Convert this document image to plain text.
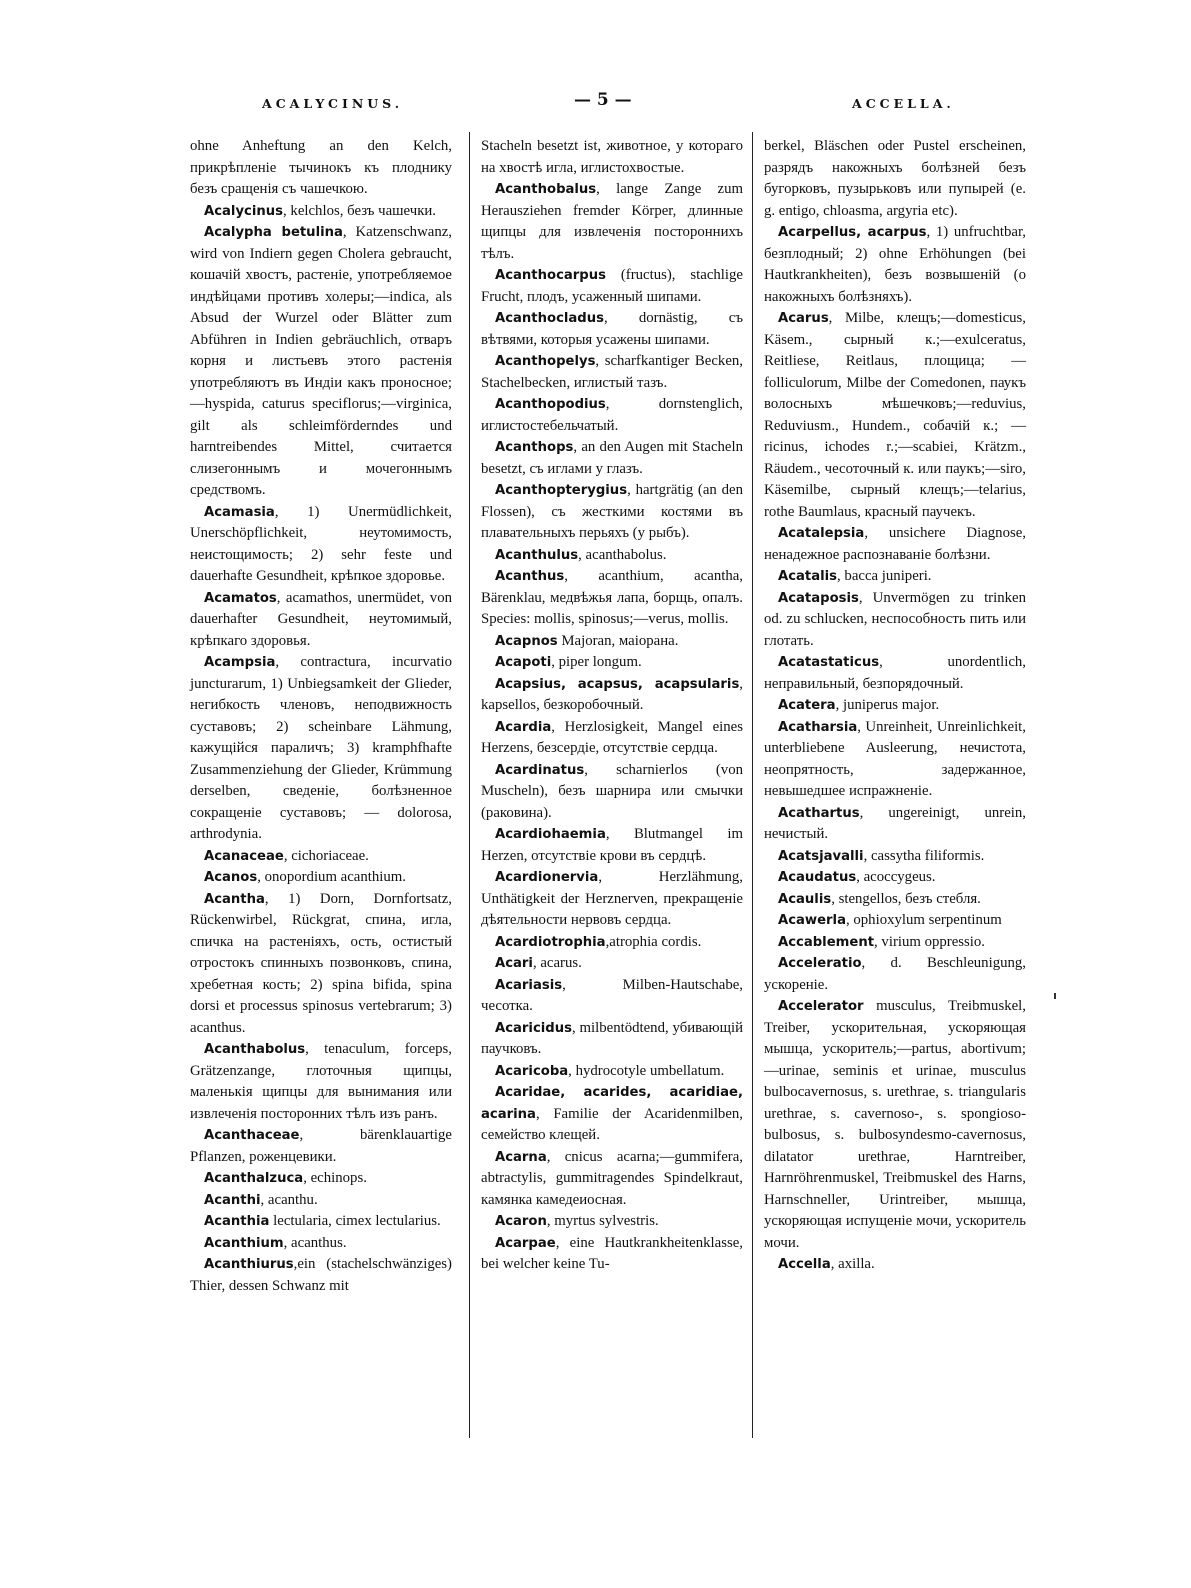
ACALYCINUS.	— 5 —	ACCELLA.

ohne Anheftung an den Kelch, прикрѣпленіе тычинокъ къ плоднику безъ сращенія съ чашечкою.

Acalycinus, kelchlos, безъ чашечки.

Acalypha betulina, Katzenschwanz, wird von Indiern gegen Cholera gebraucht, кошачій хвостъ, растеніе, употребляемое индѣйцами противъ холеры;—indica, als Absud der Wurzel oder Blätter zum Abführen in Indien gebräuchlich, отваръ корня и листьевъ этого растенія употребляютъ въ Индіи какъ проносное;—hyspida, caturus speciflorus;—virginica, gilt als schleimförderndes und harntreibendes Mittel, считается слизегоннымъ и мочегоннымъ средствомъ.

Acamasia, 1) Unermüdlichkeit, Unerschöpflichkeit, неутомимость, неистощимость; 2) sehr feste und dauerhafte Gesundheit, крѣпкое здоровье.

Acamatos, acamathos, unermüdet, von dauerhafter Gesundheit, неутомимый, крѣпкаго здоровья.

Acampsia, contractura, incurvatio juncturarum, 1) Unbiegsamkeit der Glieder, негибкость членовъ, неподвижность суставовъ; 2) scheinbare Lähmung, кажущійся параличъ; 3) kramphfhafte Zusammenziehung der Glieder, Krümmung derselben, сведеніе, болѣзненное сокращеніе суставовъ; — dolorosa, arthrodynia.

Acanaceae, cichoriaceae.

Acanos, onopordium acanthium.

Acantha, 1) Dorn, Dornfortsatz, Rückenwirbel, Rückgrat, спина, игла, спичка на растеніяхъ, ость, остистый отростокъ спинныхъ позвонковъ, спина, хребетная кость; 2) spina bifida, spina dorsi et processus spinosus vertebrarum; 3) acanthus.

Acanthabolus, tenaculum, forceps, Grätzenzange, глоточныя щипцы, маленькія щипцы для вынимания или извлеченія посторонних тѣлъ изъ ранъ.

Acanthaceae, bärenklauartige Pflanzen, роженцевики.

Acanthalzuca, echinops.

Acanthi, acanthu.

Acanthia lectularia, cimex lectularius.

Acanthium, acanthus.

Acanthiurus,ein (stachelschwänziges) Thier, dessen Schwanz mit

Stacheln besetzt ist, животное, у котораго на хвостѣ игла, иглистохвостые.

Acanthobalus, lange Zange zum Herausziehen fremder Körper, длинные щипцы для извлеченія постороннихъ тѣлъ.

Acanthocarpus (fructus), stachlige Frucht, плодъ, усаженный шипами.

Acanthocladus, dornästig, съ вѣтвями, которыя усажены шипами.

Acanthopelys, scharfkantiger Becken, Stachelbecken, иглистый тазъ.

Acanthopodius, dornstenglich, иглистостебельчатый.

Acanthops, an den Augen mit Stacheln besetzt, съ иглами у глазъ.

Acanthopterygius, hartgrätig (an den Flossen), съ жесткими костями въ плавательныхъ перьяхъ (у рыбъ).

Acanthulus, acanthabolus.

Acanthus, acanthium, acantha, Bärenklau, медвѣжья лапа, борщь, опалъ. Species: mollis, spinosus;—verus, mollis.

Acapnos Majoran, маіорана.

Acapoti, piper longum.

Acapsius, acapsus, acapsularis, kapsellos, безкоробочный.

Acardia, Herzlosigkeit, Mangel eines Herzens, безсердіе, отсутствіе сердца.

Acardinatus, scharnierlos (von Muscheln), безъ шарнира или смычки (раковина).

Acardiohaemia, Blutmangel im Herzen, отсутствіе крови въ сердцѣ.

Acardionervia, Herzlähmung, Unthätigkeit der Herznerven, прекращеніе дѣятельности нервовъ сердца.

Acardiotrophia,atrophia cordis.

Acari, acarus.

Acariasis, Milben-Hautschabe, чесотка.

Acaricidus, milbentödtend, убивающій паучковъ.

Acaricoba, hydrocotyle umbellatum.

Acaridae, acarides, acaridiae, acarina, Familie der Acaridenmilben, семейство клещей.

Acarna, cnicus acarna;—gummifera, abtractylis, gummitragendes Spindelkraut, камянка камедеиосная.

Acaron, myrtus sylvestris.

Acarpae, eine Hautkrankheitenklasse, bei welcher keine Tu-

berkel, Bläschen oder Pustel erscheinen, разрядъ накожныхъ болѣзней безъ бугорковъ, пузырьковъ или пупырей (e. g. entigo, chloasma, argyria etc).

Acarpellus, acarpus, 1) unfruchtbar, безплодный; 2) ohne Erhöhungen (bei Hautkrankheiten), безъ возвышеній (о накожныхъ болѣзняхъ).

Acarus, Milbe, клещъ;—domesticus, Käsem., сырный к.;—exulceratus, Reitliese, Reitlaus, площица; — folliculorum, Milbe der Comedonen, паукъ волосныхъ мѣшечковъ;—reduvius, Reduviusm., Hundem., собачій к.; — ricinus, ichodes r.;—scabiei, Krätzm., Räudem., чесоточный к. или паукъ;—siro, Käsemilbe, сырный клещъ;—telarius, rothe Baumlaus, красный паучекъ.

Acatalepsia, unsichere Diagnose, ненадежное распознаваніе болѣзни.

Acatalis, bacca juniperi.

Acataposis, Unvermögen zu trinken od. zu schlucken, неспособность пить или глотать.

Acatastaticus, unordentlich, неправильный, безпорядочный.

Acatera, juniperus major.

Acatharsia, Unreinheit, Unreinlichkeit, unterbliebene Ausleerung, нечистота, неопрятность, задержанное, невышедшее испражненіе.

Acathartus, ungereinigt, unrein, нечистый.

Acatsjavalli, cassytha filiformis.

Acaudatus, acoccygeus.

Acaulis, stengellos, безъ стебля.

Acawerla, ophioxylum serpentinum

Accablement, virium oppressio.

Acceleratio, d. Beschleunigung, ускореніе.

Accelerator musculus, Treibmuskel, Treiber, ускорительная, ускоряющая мышца, ускоритель;—partus, abortivum;—urinae, seminis et urinae, musculus bulbocavernosus, s. urethrae, s. triangularis urethrae, s. cavernoso-, s. spongioso-bulbosus, s. bulbosyndesmo-cavernosus, dilatator urethrae, Harntreiber, Harnröhrenmuskel, Treibmuskel des Harns, Harnschneller, Urintreiber, мышца, ускоряющая испущеніе мочи, ускоритель мочи.

Accella, axilla.
